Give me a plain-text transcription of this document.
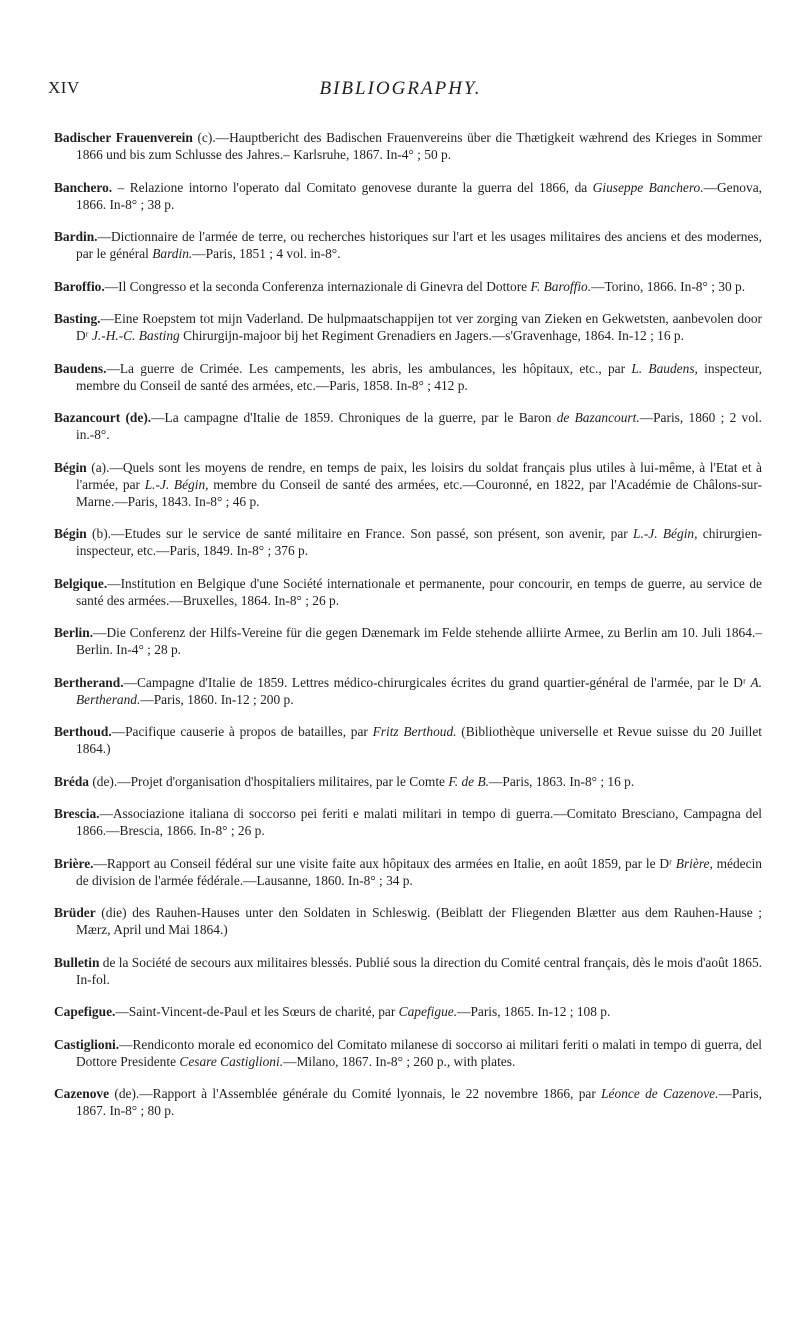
XIV	BIBLIOGRAPHY.

Badischer Frauenverein (c).—Hauptbericht des Badischen Frauenvereins über die Thætigkeit wæhrend des Krieges in Sommer 1866 und bis zum Schlusse des Jahres.– Karlsruhe, 1867. In-4° ; 50 p.

Banchero. – Relazione intorno l'operato dal Comitato genovese durante la guerra del 1866, da Giuseppe Banchero.—Genova, 1866. In-8° ; 38 p.

Bardin.—Dictionnaire de l'armée de terre, ou recherches historiques sur l'art et les usages militaires des anciens et des modernes, par le général Bardin.—Paris, 1851 ; 4 vol. in-8°.

Baroffio.—Il Congresso et la seconda Conferenza internazionale di Ginevra del Dottore F. Baroffio.—Torino, 1866. In-8° ; 30 p.

Basting.—Eine Roepstem tot mijn Vaderland. De hulpmaatschappijen tot ver zorging van Zieken en Gekwetsten, aanbevolen door Dʳ J.-H.-C. Basting Chirurgijn-majoor bij het Regiment Grenadiers en Jagers.—s'Gravenhage, 1864. In-12 ; 16 p.

Baudens.—La guerre de Crimée. Les campements, les abris, les ambulances, les hôpitaux, etc., par L. Baudens, inspecteur, membre du Conseil de santé des armées, etc.—Paris, 1858. In-8° ; 412 p.

Bazancourt (de).—La campagne d'Italie de 1859. Chroniques de la guerre, par le Baron de Bazancourt.—Paris, 1860 ; 2 vol. in.-8°.

Bégin (a).—Quels sont les moyens de rendre, en temps de paix, les loisirs du soldat français plus utiles à lui-même, à l'Etat et à l'armée, par L.-J. Bégin, membre du Conseil de santé des armées, etc.—Couronné, en 1822, par l'Académie de Châlons-sur-Marne.—Paris, 1843. In-8° ; 46 p.

Bégin (b).—Etudes sur le service de santé militaire en France. Son passé, son présent, son avenir, par L.-J. Bégin, chirurgien-inspecteur, etc.—Paris, 1849. In-8° ; 376 p.

Belgique.—Institution en Belgique d'une Société internationale et permanente, pour concourir, en temps de guerre, au service de santé des armées.—Bruxelles, 1864. In-8° ; 26 p.

Berlin.—Die Conferenz der Hilfs-Vereine für die gegen Dænemark im Felde stehende alliirte Armee, zu Berlin am 10. Juli 1864.– Berlin. In-4° ; 28 p.

Bertherand.—Campagne d'Italie de 1859. Lettres médico-chirurgicales écrites du grand quartier-général de l'armée, par le Dʳ A. Bertherand.—Paris, 1860. In-12 ; 200 p.

Berthoud.—Pacifique causerie à propos de batailles, par Fritz Berthoud. (Bibliothèque universelle et Revue suisse du 20 Juillet 1864.)

Bréda (de).—Projet d'organisation d'hospitaliers militaires, par le Comte F. de B.—Paris, 1863. In-8° ; 16 p.

Brescia.—Associazione italiana di soccorso pei feriti e malati militari in tempo di guerra.—Comitato Bresciano, Campagna del 1866.—Brescia, 1866. In-8° ; 26 p.

Brière.—Rapport au Conseil fédéral sur une visite faite aux hôpitaux des armées en Italie, en août 1859, par le Dʳ Brière, médecin de division de l'armée fédérale.—Lausanne, 1860. In-8° ; 34 p.

Brüder (die) des Rauhen-Hauses unter den Soldaten in Schleswig. (Beiblatt der Fliegenden Blætter aus dem Rauhen-Hause ; Mærz, April und Mai 1864.)

Bulletin de la Société de secours aux militaires blessés. Publié sous la direction du Comité central français, dès le mois d'août 1865. In-fol.

Capefigue.—Saint-Vincent-de-Paul et les Sœurs de charité, par Capefigue.—Paris, 1865. In-12 ; 108 p.

Castiglioni.—Rendiconto morale ed economico del Comitato milanese di soccorso ai militari feriti o malati in tempo di guerra, del Dottore Presidente Cesare Castiglioni.—Milano, 1867. In-8° ; 260 p., with plates.

Cazenove (de).—Rapport à l'Assemblée générale du Comité lyonnais, le 22 novembre 1866, par Léonce de Cazenove.—Paris, 1867. In-8° ; 80 p.
